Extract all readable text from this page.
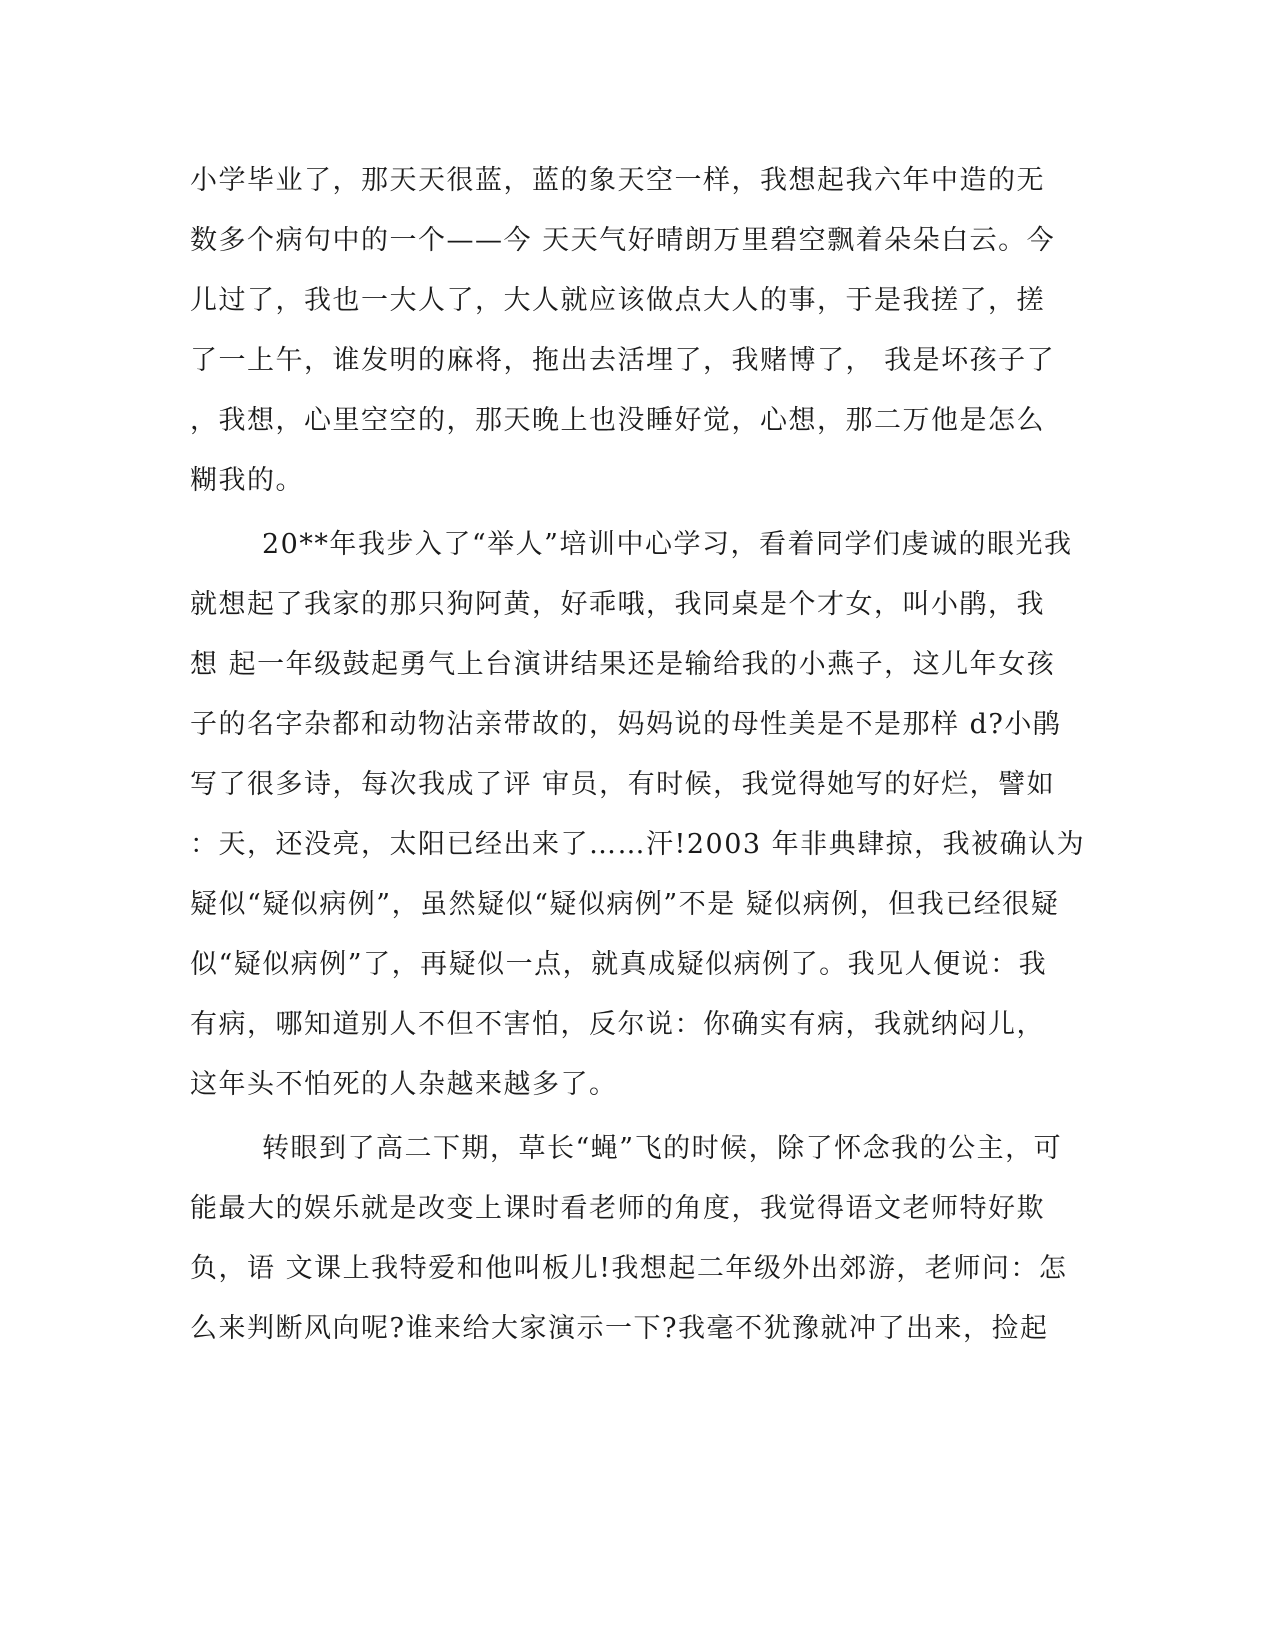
小学毕业了，那天天很蓝，蓝的象天空一样，我想起我六年中造的无

数多个病句中的一个——今 天天气好晴朗万里碧空飘着朵朵白云。今

儿过了，我也一大人了，大人就应该做点大人的事，于是我搓了，搓

了一上午，谁发明的麻将，拖出去活埋了，我赌博了， 我是坏孩子了

，我想，心里空空的，那天晚上也没睡好觉，心想，那二万他是怎么

糊我的。

20**年我步入了“举人”培训中心学习，看着同学们虔诚的眼光我

就想起了我家的那只狗阿黄，好乖哦，我同桌是个才女，叫小鹃，我

想 起一年级鼓起勇气上台演讲结果还是输给我的小燕子，这儿年女孩

子的名字杂都和动物沾亲带故的，妈妈说的母性美是不是那样 d?小鹃

写了很多诗，每次我成了评 审员，有时候，我觉得她写的好烂，譬如

：天，还没亮，太阳已经出来了……汗!2003 年非典肆掠，我被确认为

疑似“疑似病例”，虽然疑似“疑似病例”不是 疑似病例，但我已经很疑

似“疑似病例”了，再疑似一点，就真成疑似病例了。我见人便说：我

有病，哪知道别人不但不害怕，反尔说：你确实有病，我就纳闷儿，

这年头不怕死的人杂越来越多了。

转眼到了高二下期，草长“蝇”飞的时候，除了怀念我的公主，可

能最大的娱乐就是改变上课时看老师的角度，我觉得语文老师特好欺

负，语 文课上我特爱和他叫板儿!我想起二年级外出郊游，老师问：怎

么来判断风向呢?谁来给大家演示一下?我毫不犹豫就冲了出来，捡起
